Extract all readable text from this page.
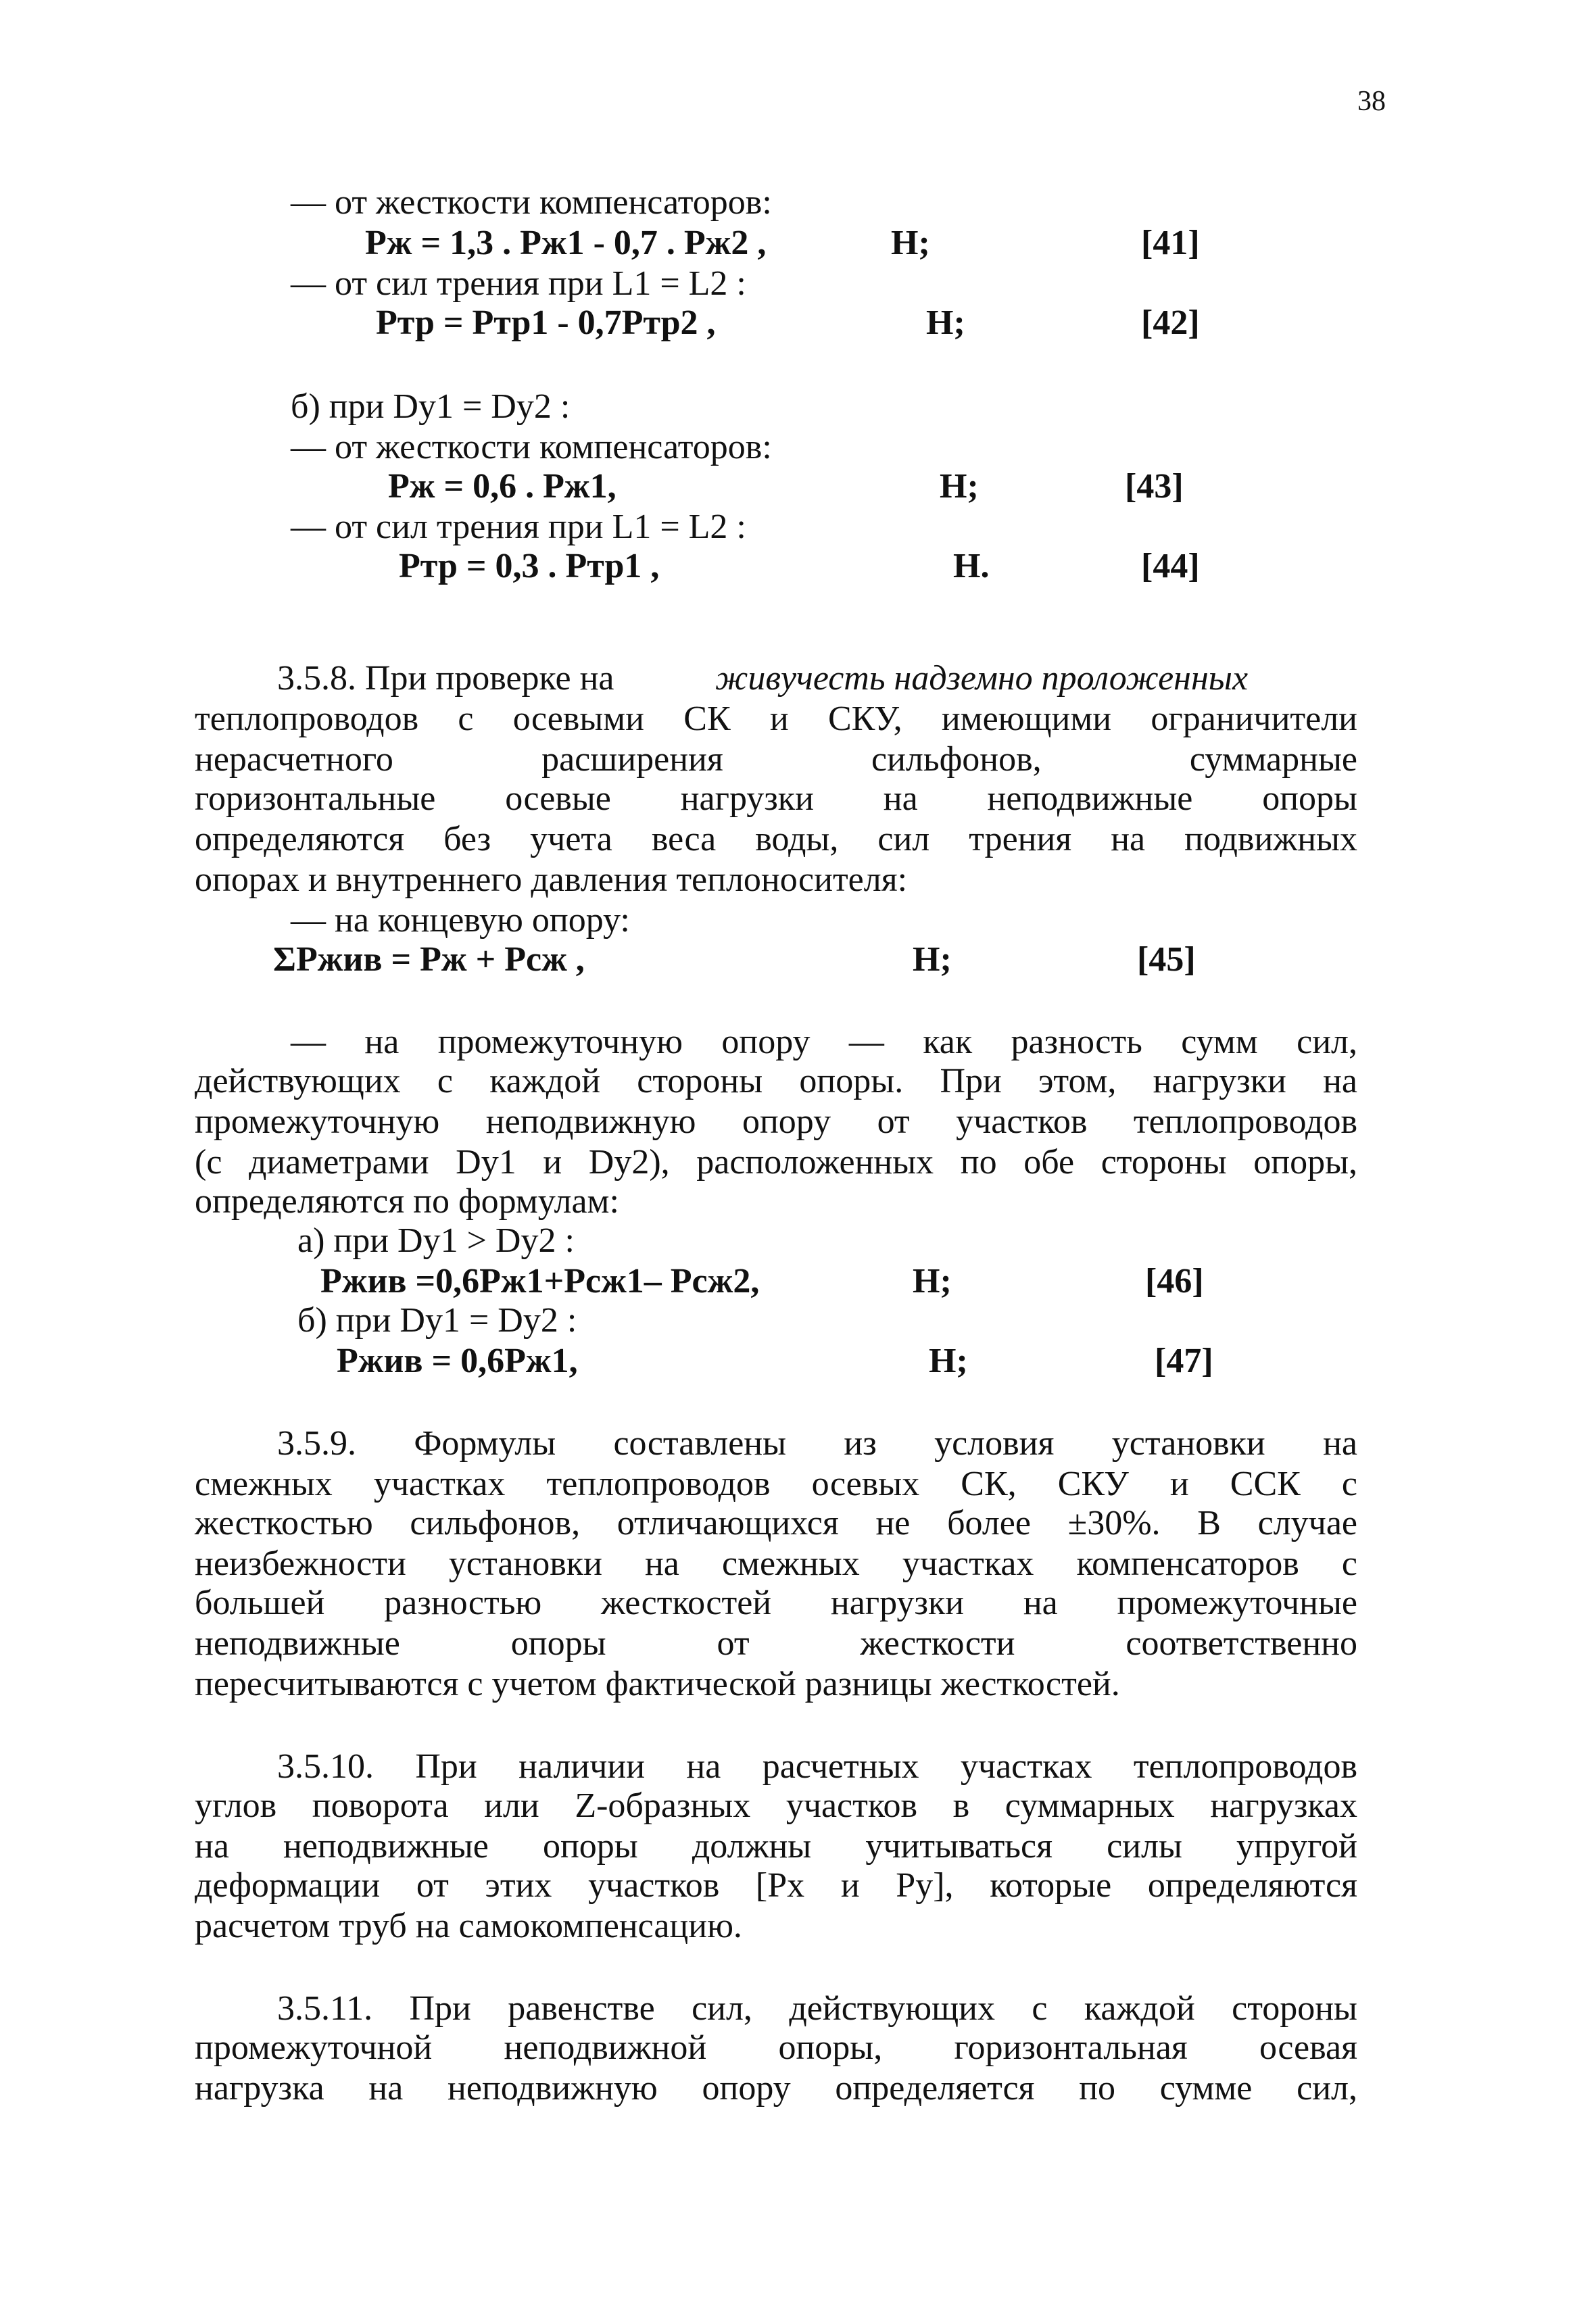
38
— от жесткости компенсаторов:
Pж = 1,3 . Pж1 - 0,7 . Pж2 ,	Н;	[41]
— от сил трения при L1 = L2 :
Pтр = Pтр1 - 0,7Pтр2 ,	Н;	[42]
б) при Dy1 = Dy2 :
— от жесткости компенсаторов:
Pж = 0,6 . Pж1,	Н;	[43]
— от сил трения при L1 = L2 :
Pтр = 0,3 . Pтр1 ,	Н.	[44]
3.5.8. При проверке на	живучесть надземно проложенных
теплопроводов с осевыми СК и СКУ, имеющими ограничители
нерасчетного расширения сильфонов, суммарные
горизонтальные осевые нагрузки на неподвижные опоры
определяются без учета веса воды, сил трения на подвижных
опорах и внутреннего давления теплоносителя:
— на концевую опору:
ΣPжив = Pж + Pсж ,	Н;	[45]
— на промежуточную опору — как разность сумм сил,
действующих с каждой стороны опоры. При этом, нагрузки на
промежуточную неподвижную опору от участков теплопроводов
(с диаметрами Dy1 и Dy2), расположенных по обе стороны опоры,
определяются по формулам:
а) при Dy1 > Dy2 :
Pжив =0,6Pж1+Pсж1– Pсж2,	Н;	[46]
б) при Dy1 = Dy2 :
Pжив = 0,6Pж1,	Н;	[47]
3.5.9. Формулы составлены из условия установки на
смежных участках теплопроводов осевых СК, СКУ и ССК с
жесткостью сильфонов, отличающихся не более ±30%. В случае
неизбежности установки на смежных участках компенсаторов с
большей разностью жесткостей нагрузки на промежуточные
неподвижные опоры от жесткости соответственно
пересчитываются с учетом фактической разницы жесткостей.
3.5.10. При наличии на расчетных участках теплопроводов
углов поворота или Z-образных участков в суммарных нагрузках
на неподвижные опоры должны учитываться силы упругой
деформации от этих участков [Px и Py], которые определяются
расчетом труб на самокомпенсацию.
3.5.11. При равенстве сил, действующих с каждой стороны
промежуточной неподвижной опоры, горизонтальная осевая
нагрузка на неподвижную опору определяется по сумме сил,
